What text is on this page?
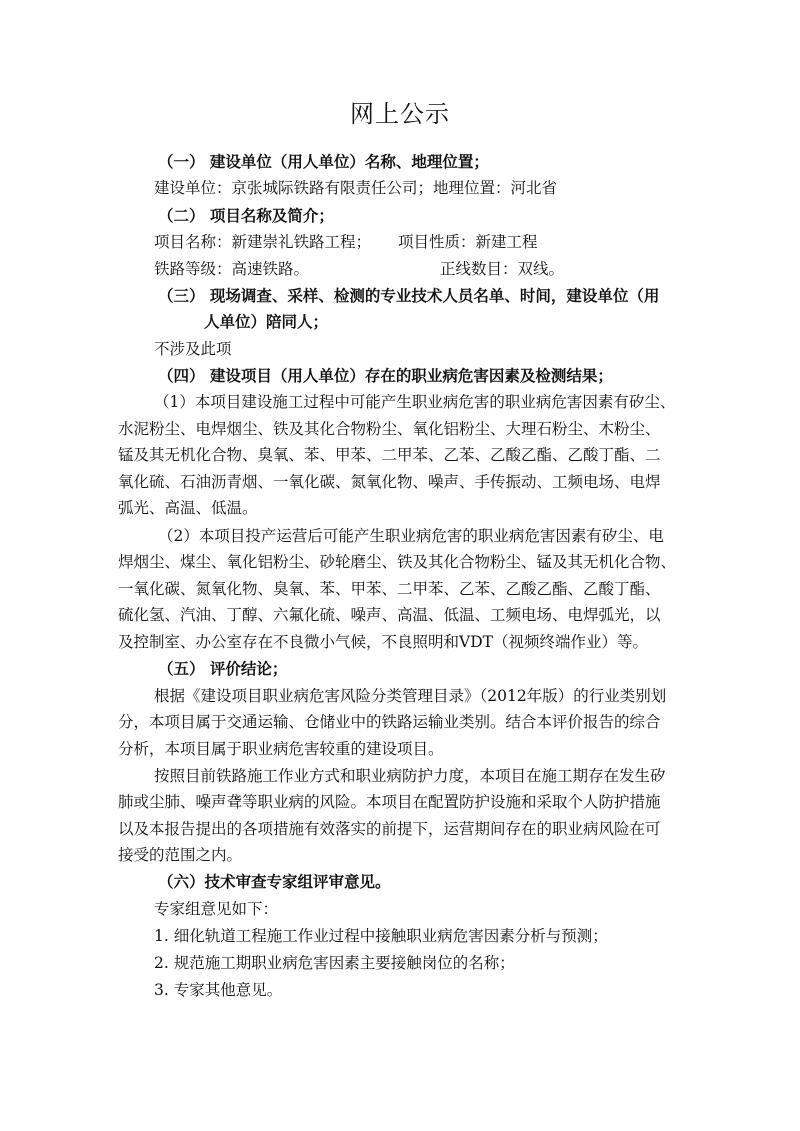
网上公示
（一） 建设单位（用人单位）名称、地理位置；
建设单位：京张城际铁路有限责任公司；地理位置：河北省
（二） 项目名称及简介；
项目名称：新建崇礼铁路工程； 项目性质：新建工程
铁路等级：高速铁路。	正线数目：双线。
（三） 现场调查、采样、检测的专业技术人员名单、时间，建设单位（用
人单位）陪同人；
不涉及此项
（四） 建设项目（用人单位）存在的职业病危害因素及检测结果；
（1）本项目建设施工过程中可能产生职业病危害的职业病危害因素有矽尘、
水泥粉尘、电焊烟尘、铁及其化合物粉尘、氧化铝粉尘、大理石粉尘、木粉尘、
锰及其无机化合物、臭氧、苯、甲苯、二甲苯、乙苯、乙酸乙酯、乙酸丁酯、二
氧化硫、石油沥青烟、一氧化碳、氮氧化物、噪声、手传振动、工频电场、电焊
弧光、高温、低温。
（2）本项目投产运营后可能产生职业病危害的职业病危害因素有矽尘、电
焊烟尘、煤尘、氧化铝粉尘、砂轮磨尘、铁及其化合物粉尘、锰及其无机化合物、
一氧化碳、氮氧化物、臭氧、苯、甲苯、二甲苯、乙苯、乙酸乙酯、乙酸丁酯、
硫化氢、汽油、丁醇、六氟化硫、噪声、高温、低温、工频电场、电焊弧光，以
及控制室、办公室存在不良微小气候，不良照明和VDT（视频终端作业）等。
（五） 评价结论；
根据《建设项目职业病危害风险分类管理目录》（2012年版）的行业类别划
分，本项目属于交通运输、仓储业中的铁路运输业类别。结合本评价报告的综合
分析，本项目属于职业病危害较重的建设项目。
按照目前铁路施工作业方式和职业病防护力度，本项目在施工期存在发生矽
肺或尘肺、噪声聋等职业病的风险。本项目在配置防护设施和采取个人防护措施
以及本报告提出的各项措施有效落实的前提下，运营期间存在的职业病风险在可
接受的范围之内。
（六）技术审查专家组评审意见。
专家组意见如下：
1. 细化轨道工程施工作业过程中接触职业病危害因素分析与预测；
2. 规范施工期职业病危害因素主要接触岗位的名称；
3. 专家其他意见。
